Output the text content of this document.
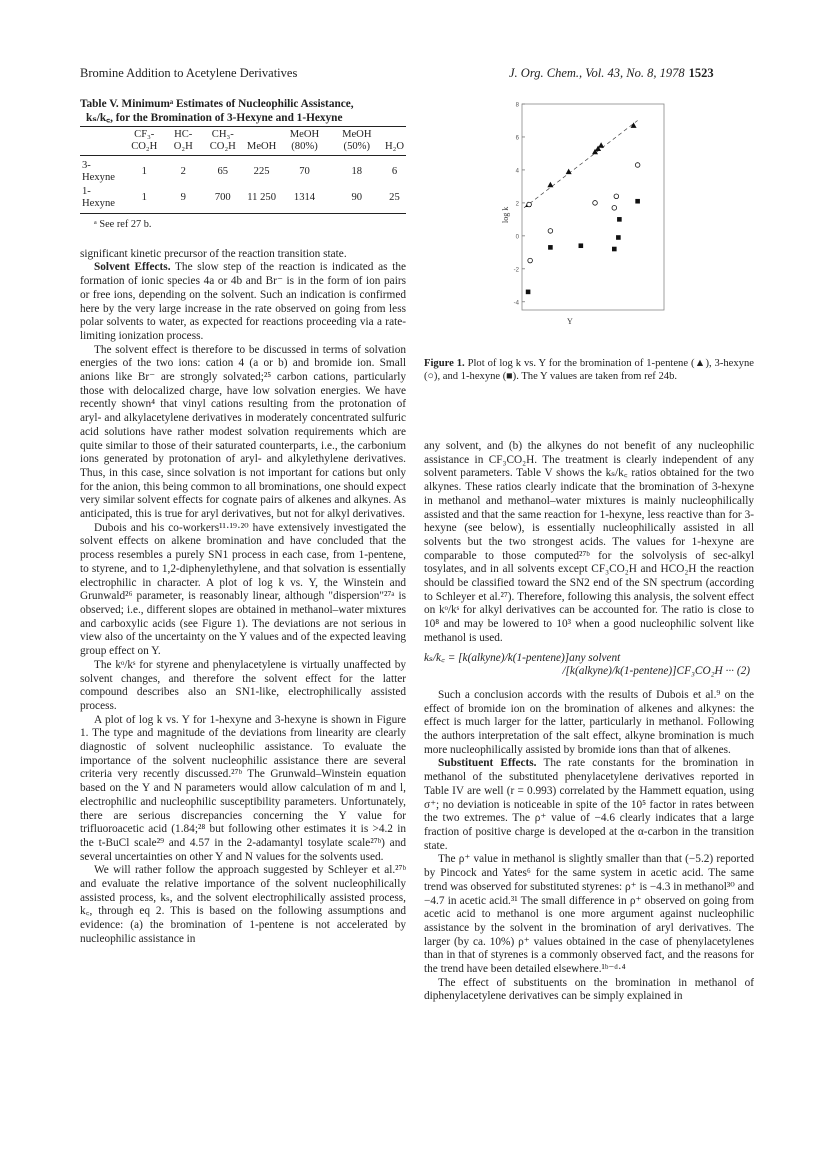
Bromine Addition to Acetylene Derivatives	J. Org. Chem., Vol. 43, No. 8, 1978 1523
Table V. Minimumᵃ Estimates of Nucleophilic Assistance,
kₛ/k꜀, for the Bromination of 3-Hexyne and 1-Hexyne
	CF₃-CO₂H	HC-O₂H	CH₃-CO₂H	MeOH	MeOH (80%)	MeOH (50%)	H₂O
3-Hexyne	1	2	65	225	70	18	6
1-Hexyne	1	9	700	11 250	1314	90	25
ᵃ See ref 27 b.

significant kinetic precursor of the reaction transition state.

Solvent Effects. The slow step of the reaction is indicated as the formation of ionic species 4a or 4b and Br⁻ is in the form of ion pairs or free ions, depending on the solvent. Such an indication is confirmed here by the very large increase in the rate observed on going from less polar solvents to water, as expected for reactions proceeding via a rate-limiting ionization process.

The solvent effect is therefore to be discussed in terms of solvation energies of the two ions: cation 4 (a or b) and bromide ion. Small anions like Br⁻ are strongly solvated;²⁵ carbon cations, particularly those with delocalized charge, have low solvation energies. We have recently shown⁴ that vinyl cations resulting from the protonation of aryl- and alkylacetylene derivatives in moderately concentrated sulfuric acid solutions have rather modest solvation requirements which are quite similar to those of their saturated counterparts, i.e., the carbonium ions generated by protonation of aryl- and alkylethylene derivatives. Thus, in this case, since solvation is not important for cations but only for the anion, this being common to all brominations, one should expect very similar solvent effects for cognate pairs of alkenes and alkynes. As anticipated, this is true for aryl derivatives, but not for alkyl derivatives.

Dubois and his co-workers¹¹·¹⁹·²⁰ have extensively investigated the solvent effects on alkene bromination and have concluded that the process resembles a purely SN1 process in each case, from 1-pentene, to styrene, and to 1,2-diphenylethylene, and that solvation is essentially electrophilic in character. A plot of log k vs. Y, the Winstein and Grunwald²⁶ parameter, is reasonably linear, although "dispersion"²⁷ᵃ is observed; i.e., different slopes are obtained in methanol–water mixtures and carboxylic acids (see Figure 1). The deviations are not serious in view also of the uncertainty on the Y values and of the expected leaving group effect on Y.

The kᵒ/kˢ for styrene and phenylacetylene is virtually unaffected by solvent changes, and therefore the solvent effect for the latter compound describes also an SN1-like, electrophilically assisted process.

A plot of log k vs. Y for 1-hexyne and 3-hexyne is shown in Figure 1. The type and magnitude of the deviations from linearity are clearly diagnostic of solvent nucleophilic assistance. To evaluate the importance of the solvent nucleophilic assistance there are several criteria very recently discussed.²⁷ᵇ The Grunwald–Winstein equation based on the Y and N parameters would allow calculation of m and l, electrophilic and nucleophilic susceptibility parameters. Unfortunately, there are serious discrepancies concerning the Y value for trifluoroacetic acid (1.84;²⁸ but following other estimates it is >4.2 in the t-BuCl scale²⁹ and 4.57 in the 2-adamantyl tosylate scale²⁷ᵇ) and several uncertainties on other Y and N values for the solvents used.

We will rather follow the approach suggested by Schleyer et al.²⁷ᵇ and evaluate the relative importance of the solvent nucleophilically assisted process, kₛ, and the solvent electrophilically assisted process, k꜀, through eq 2. This is based on the following assumptions and evidence: (a) the bromination of 1-pentene is not accelerated by nucleophilic assistance in

8
6
4
2
0
-2
-4
log k
Y
Figure 1. Plot of log k vs. Y for the bromination of 1-pentene (▲), 3-hexyne (○), and 1-hexyne (■). The Y values are taken from ref 24b.

any solvent, and (b) the alkynes do not benefit of any nucleophilic assistance in CF₃CO₂H. The treatment is clearly independent of any solvent parameters. Table V shows the kₛ/k꜀ ratios obtained for the two alkynes. These ratios clearly indicate that the bromination of 3-hexyne in methanol and methanol–water mixtures is mainly nucleophilically assisted and that the same reaction for 1-hexyne, less reactive than for 3-hexyne (see below), is essentially nucleophilically assisted in all solvents but the two strongest acids. The values for 1-hexyne are comparable to those computed²⁷ᵇ for the solvolysis of sec-alkyl tosylates, and in all solvents except CF₃CO₂H and HCO₂H the reaction should be classified toward the SN2 end of the SN spectrum (according to Schleyer et al.²⁷). Therefore, following this analysis, the solvent effect on kᵒ/kˢ for alkyl derivatives can be accounted for. The ratio is close to 10⁸ and may be lowered to 10³ when a good nucleophilic solvent like methanol is used.

kₛ/k꜀ = [k(alkyne)/k(1-pentene)]any solvent
/[k(alkyne)/k(1-pentene)]CF₃CO₂H ··· (2)

Such a conclusion accords with the results of Dubois et al.⁹ on the effect of bromide ion on the bromination of alkenes and alkynes: the effect is much larger for the latter, particularly in methanol. Following the authors interpretation of the salt effect, alkyne bromination is much more nucleophilically assisted by bromide ions than that of alkenes.

Substituent Effects. The rate constants for the bromination in methanol of the substituted phenylacetylene derivatives reported in Table IV are well (r = 0.993) correlated by the Hammett equation, using σ⁺; no deviation is noticeable in spite of the 10⁵ factor in rates between the two extremes. The ρ⁺ value of −4.6 clearly indicates that a large fraction of positive charge is developed at the α-carbon in the transition state.

The ρ⁺ value in methanol is slightly smaller than that (−5.2) reported by Pincock and Yates⁶ for the same system in acetic acid. The same trend was observed for substituted styrenes: ρ⁺ is −4.3 in methanol³⁰ and −4.7 in acetic acid.³¹ The small difference in ρ⁺ observed on going from acetic acid to methanol is one more argument against nucleophilic assistance by the solvent in the bromination of aryl derivatives. The larger (by ca. 10%) ρ⁺ values obtained in the case of phenylacetylenes than in that of styrenes is a commonly observed fact, and the reasons for the trend have been detailed elsewhere.¹ᵇ⁻ᵈ·⁴

The effect of substituents on the bromination in methanol of diphenylacetylene derivatives can be simply explained in
